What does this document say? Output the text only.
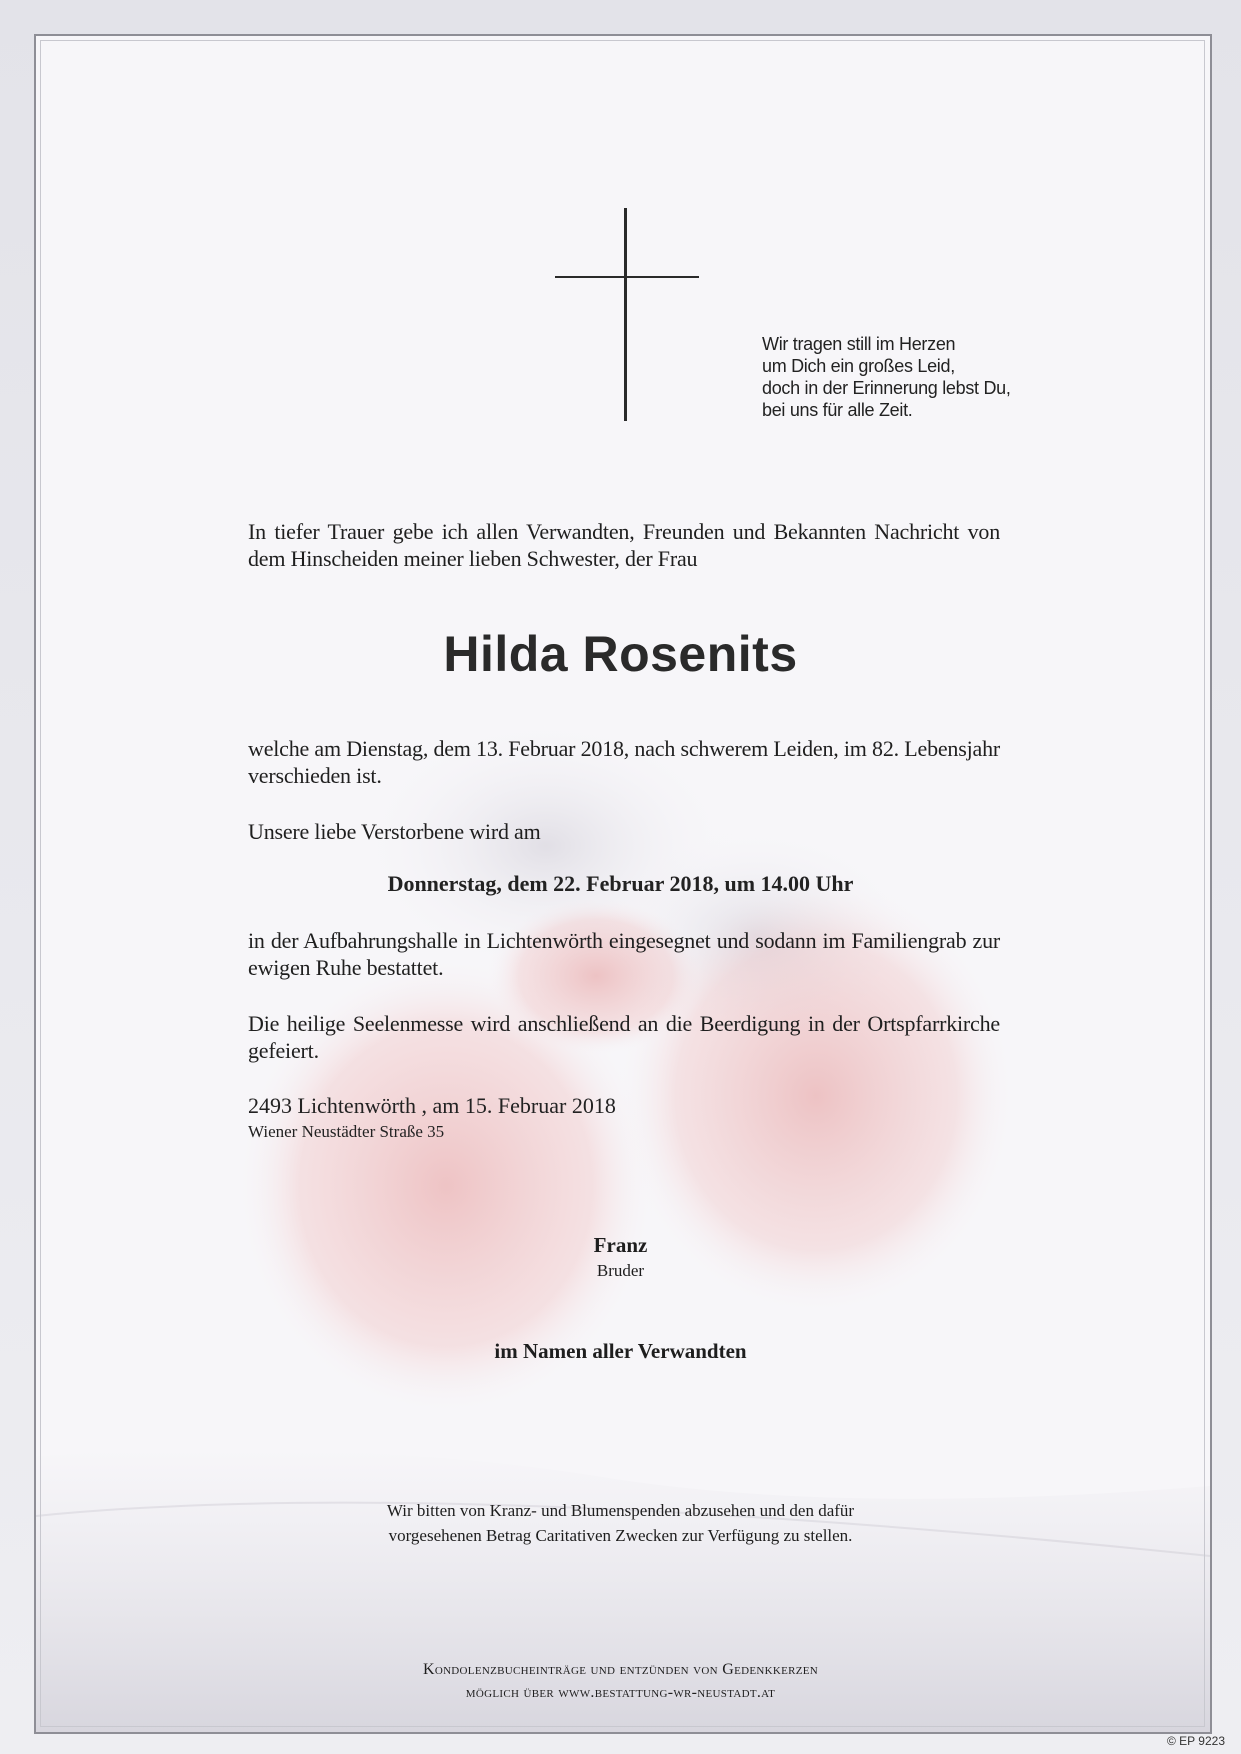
Wir tragen still im Herzen
um Dich ein großes Leid,
doch in der Erinnerung lebst Du,
bei uns für alle Zeit.
In tiefer Trauer gebe ich allen Verwandten, Freunden und Bekannten Nachricht von dem Hinscheiden meiner lieben Schwester, der Frau
Hilda Rosenits
welche am Dienstag, dem 13. Februar 2018, nach schwerem Leiden, im 82. Lebensjahr verschieden ist.
Unsere liebe Verstorbene wird am
Donnerstag, dem 22. Februar 2018, um 14.00 Uhr
in der Aufbahrungshalle in Lichtenwörth eingesegnet und sodann im Familiengrab zur ewigen Ruhe bestattet.
Die heilige Seelenmesse wird anschließend an die Beerdigung in der Ortspfarrkirche gefeiert.
2493 Lichtenwörth , am 15. Februar 2018
Wiener Neustädter Straße 35
Franz
Bruder
im Namen aller Verwandten
Wir bitten von Kranz- und Blumenspenden abzusehen und den dafür
vorgesehenen Betrag Caritativen Zwecken zur Verfügung zu stellen.
Kondolenzbucheinträge und entzünden von Gedenkkerzen
möglich über www.bestattung-wr-neustadt.at
© EP 9223
